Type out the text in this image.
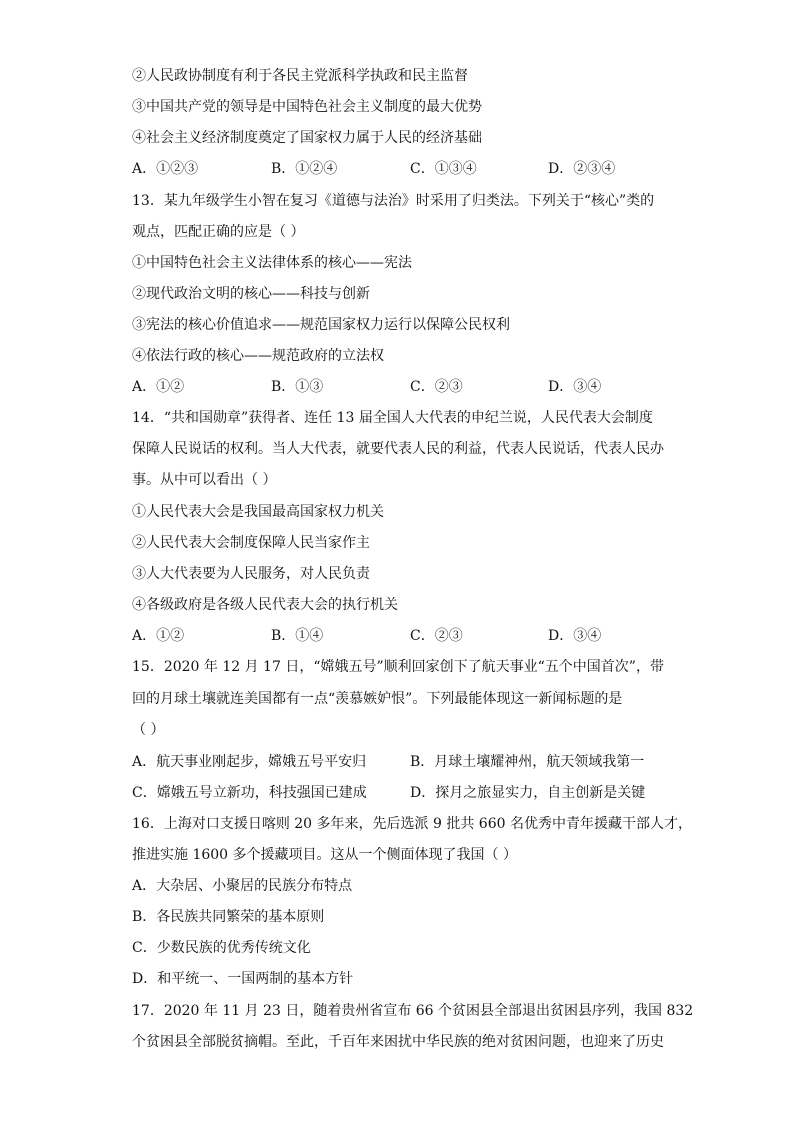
②人民政协制度有利于各民主党派科学执政和民主监督
③中国共产党的领导是中国特色社会主义制度的最大优势
④社会主义经济制度奠定了国家权力属于人民的经济基础
A．①②③	B．①②④	C．①③④	D．②③④
13．某九年级学生小智在复习《道德与法治》时采用了归类法。下列关于“核心”类的
观点，匹配正确的应是（ ）
①中国特色社会主义法律体系的核心——宪法
②现代政治文明的核心——科技与创新
③宪法的核心价值追求——规范国家权力运行以保障公民权利
④依法行政的核心——规范政府的立法权
A．①②	B．①③	C．②③	D．③④
14．“共和国勋章”获得者、连任 13 届全国人大代表的申纪兰说，人民代表大会制度
保障人民说话的权利。当人大代表，就要代表人民的利益，代表人民说话，代表人民办
事。从中可以看出（ ）
①人民代表大会是我国最高国家权力机关
②人民代表大会制度保障人民当家作主
③人大代表要为人民服务，对人民负责
④各级政府是各级人民代表大会的执行机关
A．①②	B．①④	C．②③	D．③④
15．2020 年 12 月 17 日，“嫦娥五号”顺利回家创下了航天事业“五个中国首次”，带
回的月球土壤就连美国都有一点“羡慕嫉妒恨”。下列最能体现这一新闻标题的是
（ ）
A．航天事业刚起步，嫦娥五号平安归	B．月球土壤耀神州，航天领域我第一
C．嫦娥五号立新功，科技强国已建成	D．探月之旅显实力，自主创新是关键
16．上海对口支援日喀则 20 多年来，先后选派 9 批共 660 名优秀中青年援藏干部人才，
推进实施 1600 多个援藏项目。这从一个侧面体现了我国（ ）
A．大杂居、小聚居的民族分布特点
B．各民族共同繁荣的基本原则
C．少数民族的优秀传统文化
D．和平统一、一国两制的基本方针
17．2020 年 11 月 23 日，随着贵州省宣布 66 个贫困县全部退出贫困县序列，我国 832
个贫困县全部脱贫摘帽。至此，千百年来困扰中华民族的绝对贫困问题，也迎来了历史
